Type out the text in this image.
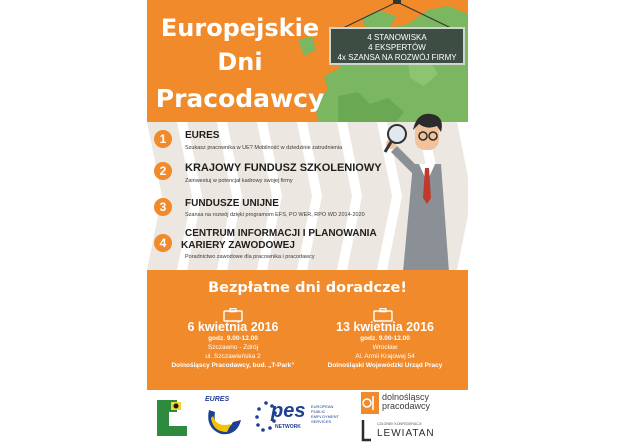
Europejskie
Dni
Pracodawcy
4 STANOWISKA
4 EKSPERTÓW
4x SZANSA NA ROZWÓJ FIRMY
1	EURES
Szukasz pracownika w UE? Mobilność w dziedzinie zatrudnienia
2	KRAJOWY FUNDUSZ SZKOLENIOWY
Zainwestuj w potencjał kadrowy swojej firmy
3	FUNDUSZE UNIJNE
Szansa na rozwój dzięki programom EFS, PO WER, RPO WD 2014-2020
4
CENTRUM INFORMACJI I PLANOWANIA
KARIERY ZAWODOWEJ
Poradnictwo zawodowe dla pracownika i pracodawcy
Bezpłatne dni doradcze!
6 kwietnia 2016
godz. 9.00-12.00
Szczawno - Zdrój
ul. Szczawieńska 2
Dolnośląscy Pracodawcy, bud. „T-Park”
13 kwietnia 2016
godz. 9.00-12.00
Wrocław
Al. Armii Krajowej 54
Dolnośląski Wojewódzki Urząd Pracy
EURES
pes
NETWORK
EUROPEAN
PUBLIC
EMPLOYMENT
SERVICES
dolnośląscy
pracodawcy
CZŁONEK KONFEDERACJI
LEWIATAN
